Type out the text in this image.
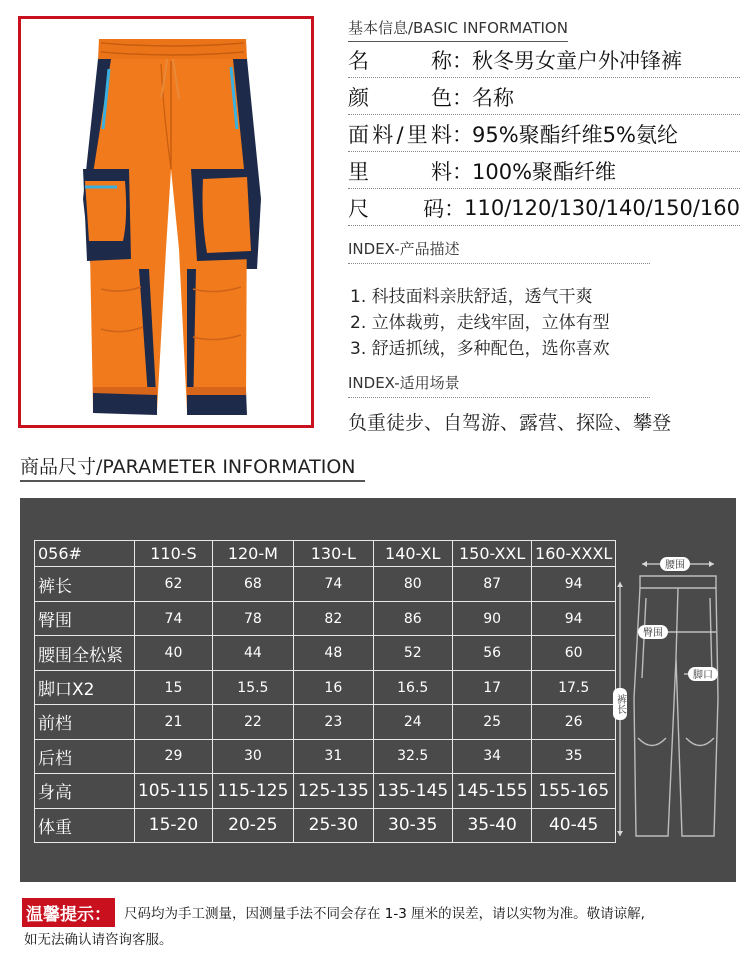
基本信息/BASIC INFORMATION
名称 ： 秋冬男女童户外冲锋裤
颜色 ： 名称
面料/里料 ： 95%聚酯纤维5%氨纶
里料 ： 100%聚酯纤维
尺码 ： 110/120/130/140/150/160
INDEX-产品描述
1. 科技面料亲肤舒适，透气干爽
2. 立体裁剪，走线牢固，立体有型
3. 舒适抓绒，多种配色，选你喜欢
INDEX-适用场景
负重徒步、自驾游、露营、探险、攀登
商品尺寸/PARAMETER INFORMATION
056#	110-S	120-M	130-L	140-XL	150-XXL	160-XXXL
裤长	62	68	74	80	87	94
臀围	74	78	82	86	90	94
腰围全松紧	40	44	48	52	56	60
脚口X2	15	15.5	16	16.5	17	17.5
前档	21	22	23	24	25	26
后档	29	30	31	32.5	34	35
身高	105-115	115-125	125-135	135-145	145-155	155-165
体重	15-20	20-25	25-30	30-35	35-40	40-45
腰围
臀围
脚口
裤长
温馨提示： 尺码均为手工测量，因测量手法不同会存在 1-3 厘米的误差，请以实物为准。敬请谅解,
如无法确认请咨询客服。
